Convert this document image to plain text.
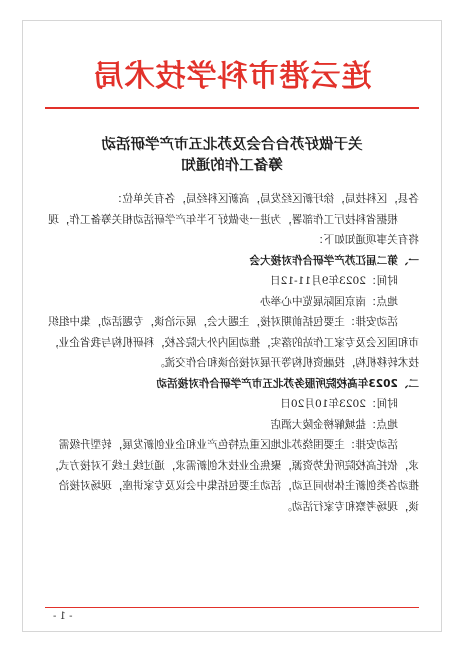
连云港市科学技术局
关于做好苏台合会及苏北五市产学研活动
筹备工作的通知
各县，区科技局，徐圩新区经发局，高新区科经局，各有关单位：
根据省科技厅工作部署，为进一步做好下半年产学研活动相关筹备工作，现将有关事项通知如下：
一、第二届江苏产学研合作对接大会
时间：2023年9月11-12日
地点：南京国际展览中心举办
活动安排：主要包括前期对接，主题大会，展示洽谈，专题活动，集中组织市和国区会及专家工作站的落实，推动国内外大院名校，科研机构与我省企业，技术转移机构，投融资机构等开展对接洽谈和合作交流。
二、2023年高校院所服务苏北五市产学研合作对接活动
时间：2023年10月20日
地点：盐城解榜金陵大酒店
活动安排：主要围绕苏北地区重点特色产业和企业创新发展，转型升级需求，依托高校院所优势资源，聚焦企业技术创新需求，通过线上线下对接方式，推动各类创新主体协同互动，活动主要包括集中会议及专家讲座，现场对接洽谈，现场考察和专家行活动。
- 1 -
